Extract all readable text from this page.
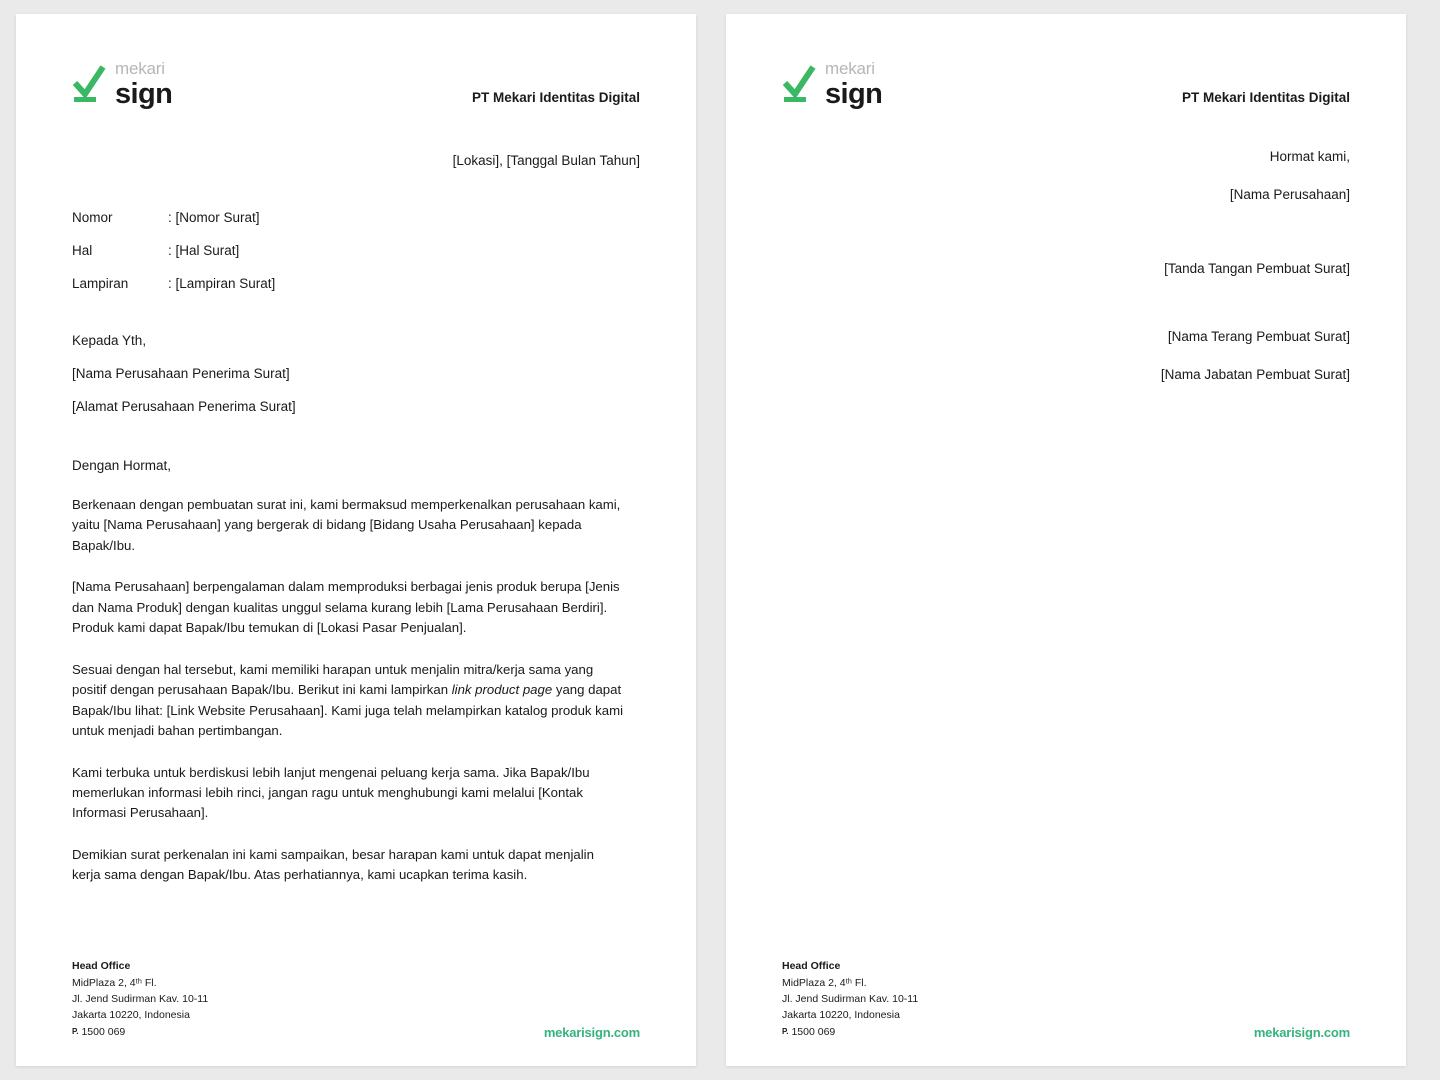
mekari
sign	PT Mekari Identitas Digital
[Lokasi], [Tanggal Bulan Tahun]
Nomor	: [Nomor Surat]
Hal	: [Hal Surat]
Lampiran	: [Lampiran Surat]
Kepada Yth,
[Nama Perusahaan Penerima Surat]
[Alamat Perusahaan Penerima Surat]
Dengan Hormat,

Berkenaan dengan pembuatan surat ini, kami bermaksud memperkenalkan perusahaan kami, yaitu [Nama Perusahaan] yang bergerak di bidang [Bidang Usaha Perusahaan] kepada Bapak/Ibu.

[Nama Perusahaan] berpengalaman dalam memproduksi berbagai jenis produk berupa [Jenis dan Nama Produk] dengan kualitas unggul selama kurang lebih [Lama Perusahaan Berdiri]. Produk kami dapat Bapak/Ibu temukan di [Lokasi Pasar Penjualan].

Sesuai dengan hal tersebut, kami memiliki harapan untuk menjalin mitra/kerja sama yang positif dengan perusahaan Bapak/Ibu. Berikut ini kami lampirkan link product page yang dapat Bapak/Ibu lihat: [Link Website Perusahaan]. Kami juga telah melampirkan katalog produk kami untuk menjadi bahan pertimbangan.

Kami terbuka untuk berdiskusi lebih lanjut mengenai peluang kerja sama. Jika Bapak/Ibu memerlukan informasi lebih rinci, jangan ragu untuk menghubungi kami melalui [Kontak Informasi Perusahaan].

Demikian surat perkenalan ini kami sampaikan, besar harapan kami untuk dapat menjalin kerja sama dengan Bapak/Ibu. Atas perhatiannya, kami ucapkan terima kasih.

Head Office
MidPlaza 2, 4ᵗʰ Fl.
Jl. Jend Sudirman Kav. 10-11
Jakarta 10220, Indonesia
P. 1500 069	mekarisign.com
mekari
sign	PT Mekari Identitas Digital
Hormat kami,
[Nama Perusahaan]
[Tanda Tangan Pembuat Surat]
[Nama Terang Pembuat Surat]
[Nama Jabatan Pembuat Surat]
Head Office
MidPlaza 2, 4ᵗʰ Fl.
Jl. Jend Sudirman Kav. 10-11
Jakarta 10220, Indonesia
P. 1500 069	mekarisign.com
